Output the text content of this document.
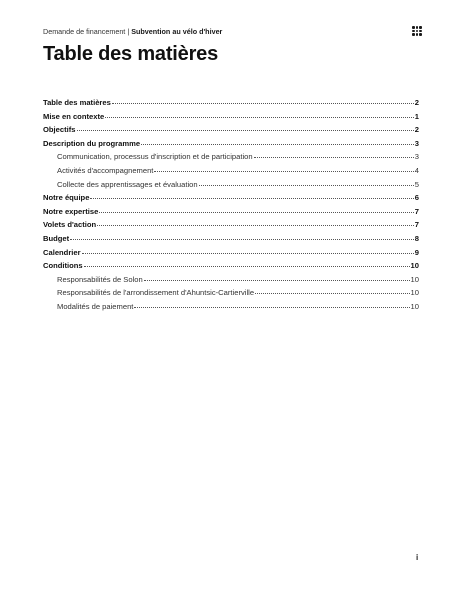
Demande de financement | Subvention au vélo d'hiver
Table des matières
Table des matières	2
Mise en contexte	1
Objectifs	2
Description du programme	3
Communication, processus d'inscription et de participation	3
Activités d'accompagnement	4
Collecte des apprentissages et évaluation	5
Notre équipe	6
Notre expertise	7
Volets d'action	7
Budget	8
Calendrier	9
Conditions	10
Responsabilités de Solon	10
Responsabilités de l'arrondissement d'Ahuntsic-Cartierville	10
Modalités de paiement	10
i
